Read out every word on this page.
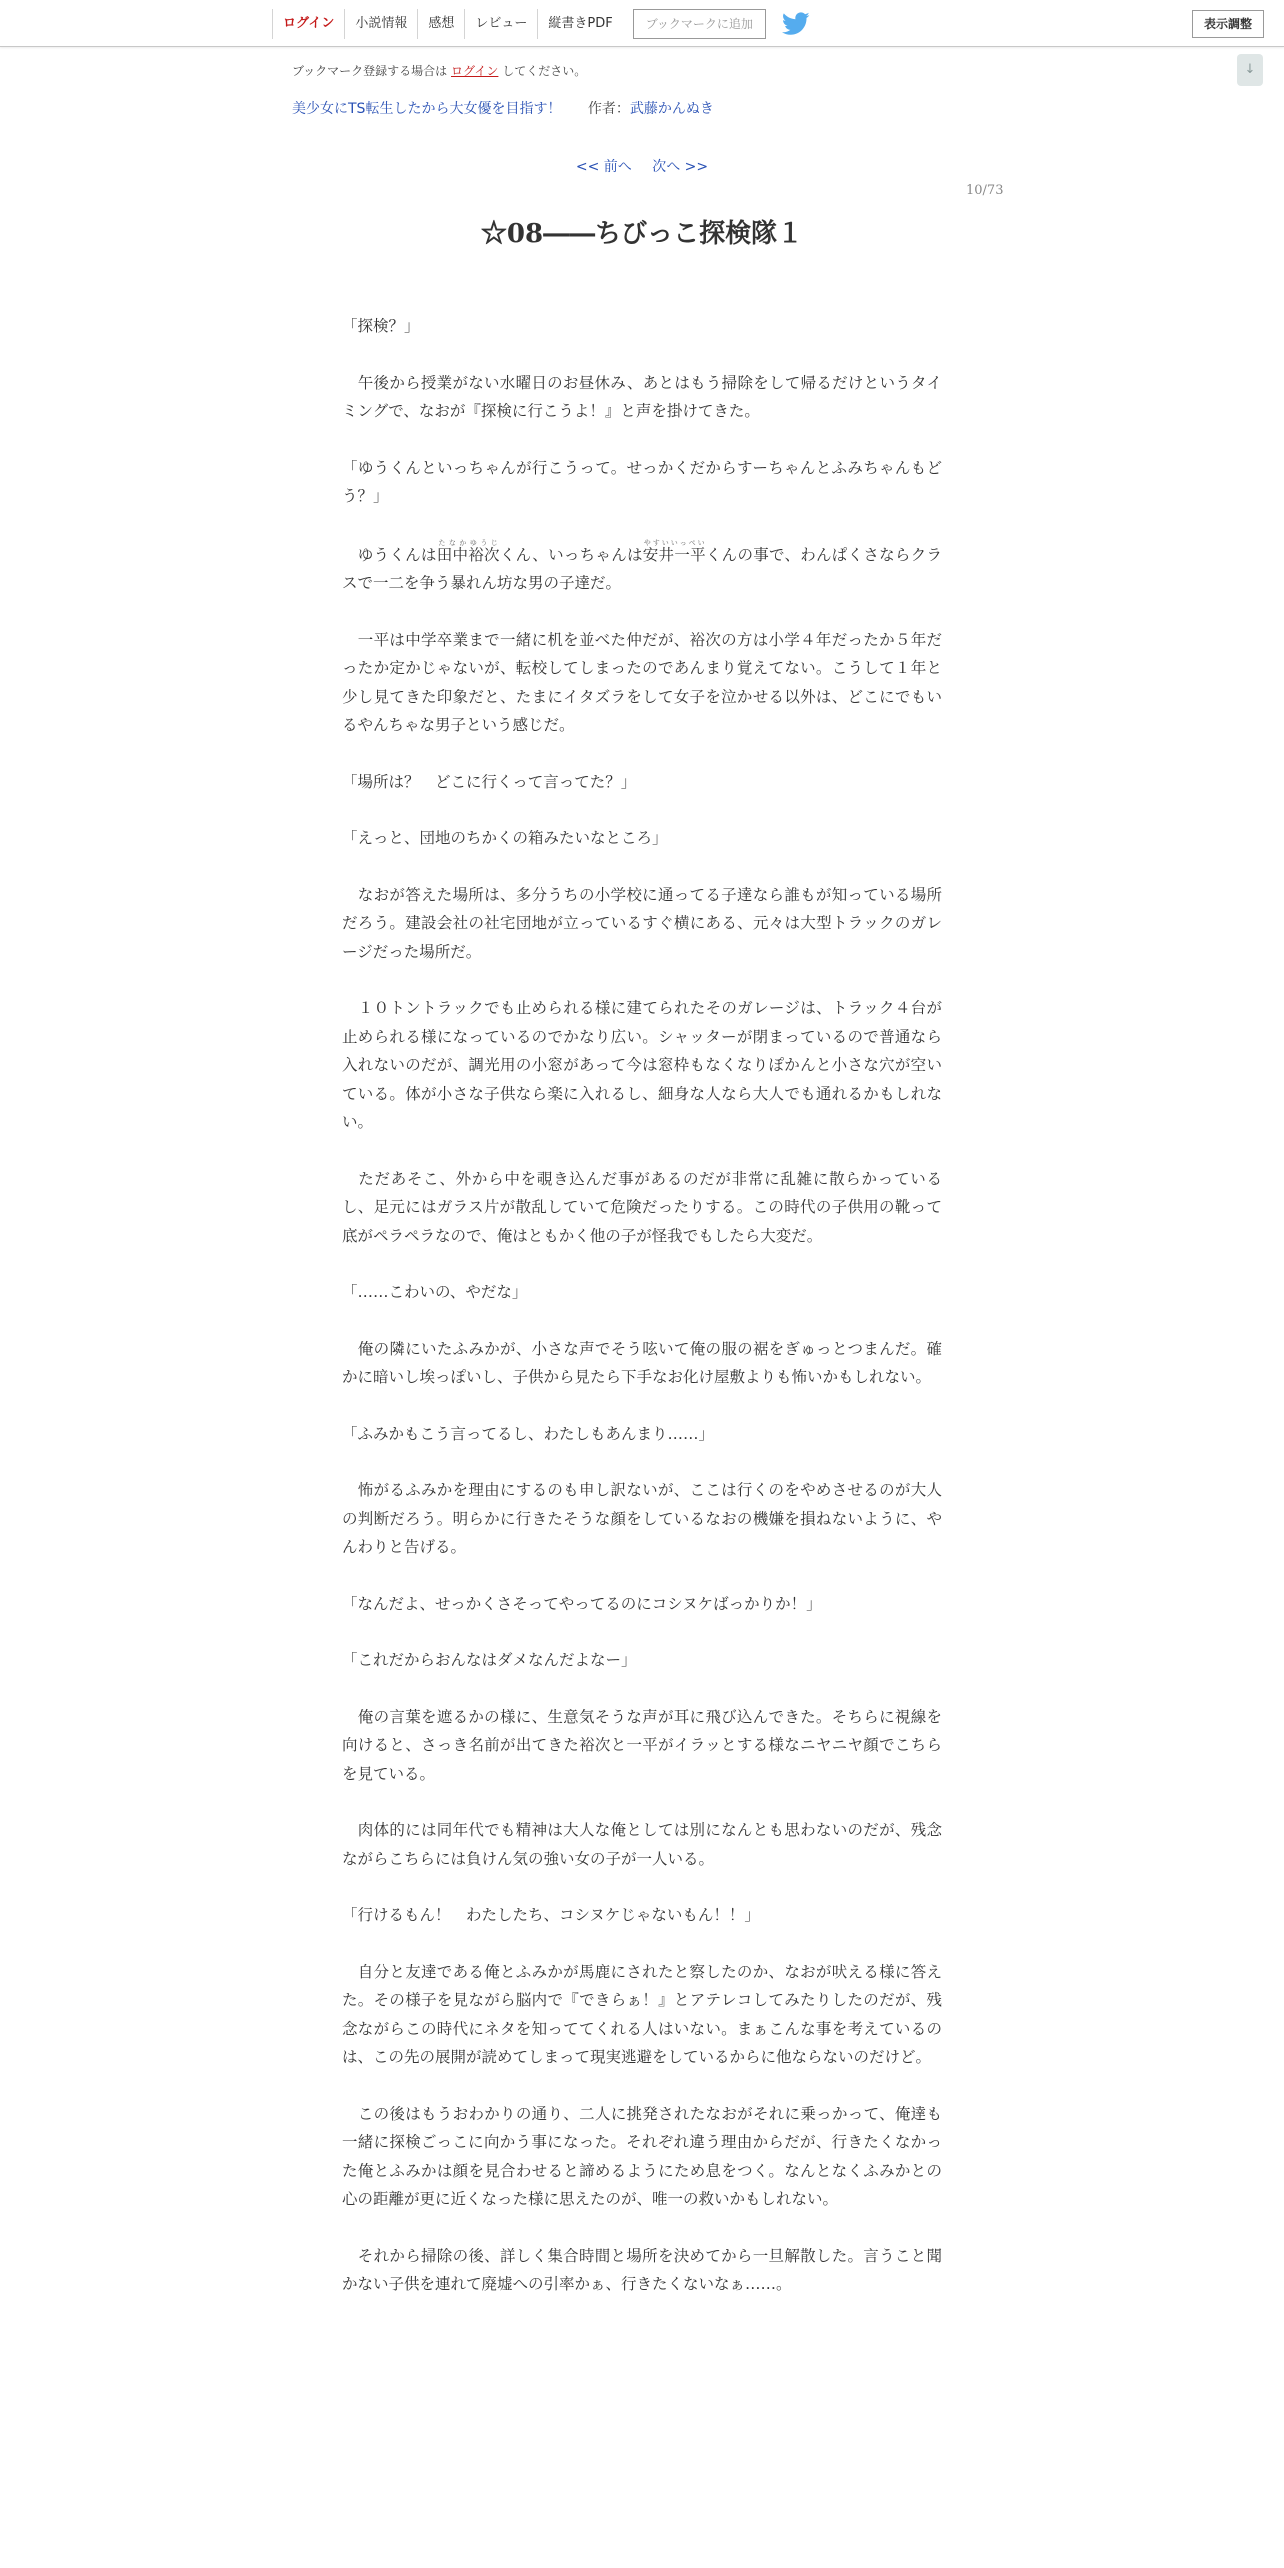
ログイン	小説情報	感想	レビュー	縦書きPDF	ブックマークに追加	表示調整
↓
ブックマーク登録する場合は ログイン してください。
美少女にTS転生したから大女優を目指す！ 作者：武藤かんぬき
<< 前へ 次へ >>
10/73
☆08――ちびっこ探検隊１

「探検？」

　午後から授業がない水曜日のお昼休み、あとはもう掃除をして帰るだけというタイミングで、なおが『探検に行こうよ！』と声を掛けてきた。

「ゆうくんといっちゃんが行こうって。せっかくだからすーちゃんとふみちゃんもどう？」

　ゆうくんは田中裕次たなかゆうじくん、いっちゃんは安井一平やすいいっぺいくんの事で、わんぱくさならクラスで一二を争う暴れん坊な男の子達だ。

　一平は中学卒業まで一緒に机を並べた仲だが、裕次の方は小学４年だったか５年だったか定かじゃないが、転校してしまったのであんまり覚えてない。こうして１年と少し見てきた印象だと、たまにイタズラをして女子を泣かせる以外は、どこにでもいるやんちゃな男子という感じだ。

「場所は？　どこに行くって言ってた？」

「えっと、団地のちかくの箱みたいなところ」

　なおが答えた場所は、多分うちの小学校に通ってる子達なら誰もが知っている場所だろう。建設会社の社宅団地が立っているすぐ横にある、元々は大型トラックのガレージだった場所だ。

　１０トントラックでも止められる様に建てられたそのガレージは、トラック４台が止められる様になっているのでかなり広い。シャッターが閉まっているので普通なら入れないのだが、調光用の小窓があって今は窓枠もなくなりぽかんと小さな穴が空いている。体が小さな子供なら楽に入れるし、細身な人なら大人でも通れるかもしれない。

　ただあそこ、外から中を覗き込んだ事があるのだが非常に乱雑に散らかっているし、足元にはガラス片が散乱していて危険だったりする。この時代の子供用の靴って底がペラペラなので、俺はともかく他の子が怪我でもしたら大変だ。

「……こわいの、やだな」

　俺の隣にいたふみかが、小さな声でそう呟いて俺の服の裾をぎゅっとつまんだ。確かに暗いし埃っぽいし、子供から見たら下手なお化け屋敷よりも怖いかもしれない。

「ふみかもこう言ってるし、わたしもあんまり……」

　怖がるふみかを理由にするのも申し訳ないが、ここは行くのをやめさせるのが大人の判断だろう。明らかに行きたそうな顔をしているなおの機嫌を損ねないように、やんわりと告げる。

「なんだよ、せっかくさそってやってるのにコシヌケばっかりか！」

「これだからおんなはダメなんだよなー」

　俺の言葉を遮るかの様に、生意気そうな声が耳に飛び込んできた。そちらに視線を向けると、さっき名前が出てきた裕次と一平がイラッとする様なニヤニヤ顔でこちらを見ている。

　肉体的には同年代でも精神は大人な俺としては別になんとも思わないのだが、残念ながらこちらには負けん気の強い女の子が一人いる。

「行けるもん！　わたしたち、コシヌケじゃないもん！！」

　自分と友達である俺とふみかが馬鹿にされたと察したのか、なおが吠える様に答えた。その様子を見ながら脳内で『できらぁ！』とアテレコしてみたりしたのだが、残念ながらこの時代にネタを知っててくれる人はいない。まぁこんな事を考えているのは、この先の展開が読めてしまって現実逃避をしているからに他ならないのだけど。

　この後はもうおわかりの通り、二人に挑発されたなおがそれに乗っかって、俺達も一緒に探検ごっこに向かう事になった。それぞれ違う理由からだが、行きたくなかった俺とふみかは顔を見合わせると諦めるようにため息をつく。なんとなくふみかとの心の距離が更に近くなった様に思えたのが、唯一の救いかもしれない。

　それから掃除の後、詳しく集合時間と場所を決めてから一旦解散した。言うこと聞かない子供を連れて廃墟への引率かぁ、行きたくないなぁ……。
